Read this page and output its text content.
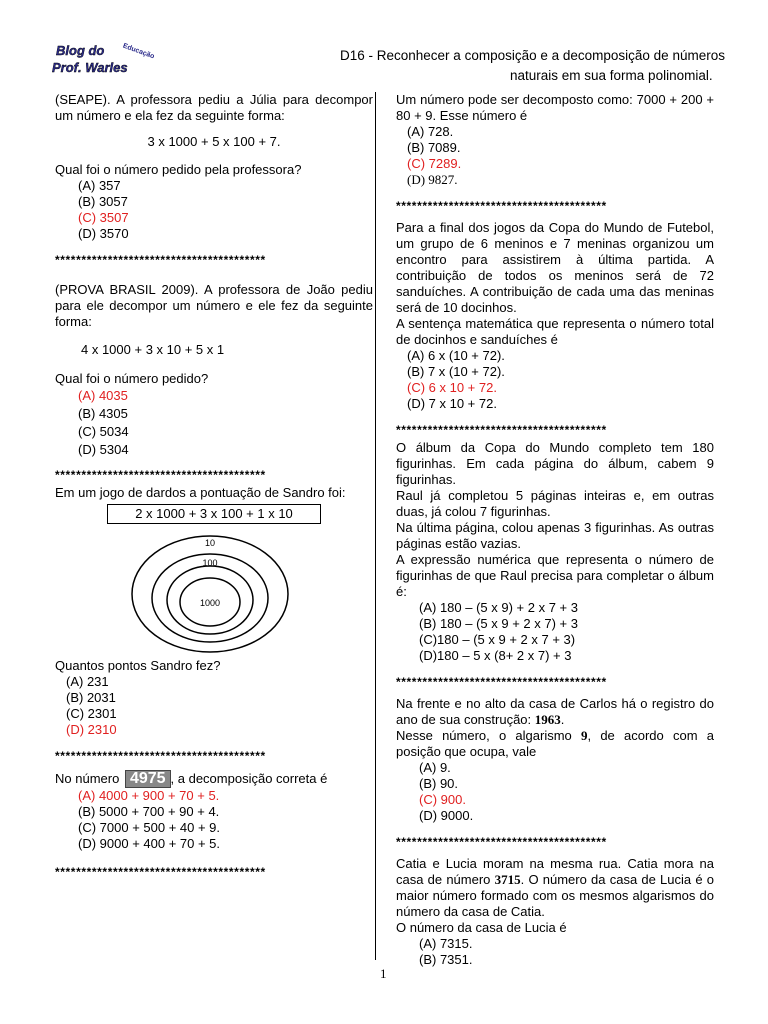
Blog do
Prof. Warles
Educação	D16 - Reconhecer a composição e a decomposição de números
naturais em sua forma polinomial.
(SEAPE). A professora pediu a Júlia para decompor um número e ela fez da seguinte forma:
3 x 1000 + 5 x 100 + 7.
Qual foi o número pedido pela professora?
(A) 357
(B) 3057
(C) 3507
(D) 3570
****************************************
(PROVA BRASIL 2009). A professora de João pediu para ele decompor um número e ele fez da seguinte forma:
4 x 1000 + 3 x 10 + 5 x 1
Qual foi o número pedido?
(A) 4035
(B) 4305
(C) 5034
(D) 5304
****************************************
Em um jogo de dardos a pontuação de Sandro foi:
2 x 1000 + 3 x 100 + 1 x 10
10
100
1000
Quantos pontos Sandro fez?
(A) 231
(B) 2031
(C) 2301
(D) 2310
****************************************
No número 4975 , a decomposição correta é
(A) 4000 + 900 + 70 + 5.
(B) 5000 + 700 + 90 + 4.
(C) 7000 + 500 + 40 + 9.
(D) 9000 + 400 + 70 + 5.
****************************************
Um número pode ser decomposto como: 7000 + 200 + 80 + 9. Esse número é
(A) 728.
(B) 7089.
(C) 7289.
(D) 9827.
****************************************
Para a final dos jogos da Copa do Mundo de Futebol, um grupo de 6 meninos e 7 meninas organizou um encontro para assistirem à última partida. A contribuição de todos os meninos será de 72 sanduíches. A contribuição de cada uma das meninas será de 10 docinhos.
A sentença matemática que representa o número total de docinhos e sanduíches é
(A) 6 x (10 + 72).
(B) 7 x (10 + 72).
(C) 6 x 10 + 72.
(D) 7 x 10 + 72.
****************************************
O álbum da Copa do Mundo completo tem 180 figurinhas. Em cada página do álbum, cabem 9 figurinhas.
Raul já completou 5 páginas inteiras e, em outras duas, já colou 7 figurinhas.
Na última página, colou apenas 3 figurinhas. As outras páginas estão vazias.
A expressão numérica que representa o número de figurinhas de que Raul precisa para completar o álbum é:
(A) 180 – (5 x 9) + 2 x 7 + 3
(B) 180 – (5 x 9 + 2 x 7) + 3
(C)180 – (5 x 9 + 2 x 7 + 3)
(D)180 – 5 x (8+ 2 x 7) + 3
****************************************
Na frente e no alto da casa de Carlos há o registro do ano de sua construção: 1963.
Nesse número, o algarismo 9, de acordo com a posição que ocupa, vale
(A) 9.
(B) 90.
(C) 900.
(D) 9000.
****************************************
Catia e Lucia moram na mesma rua. Catia mora na casa de número 3715. O número da casa de Lucia é o maior número formado com os mesmos algarismos do número da casa de Catia.
O número da casa de Lucia é
(A) 7315.
(B) 7351.
1
